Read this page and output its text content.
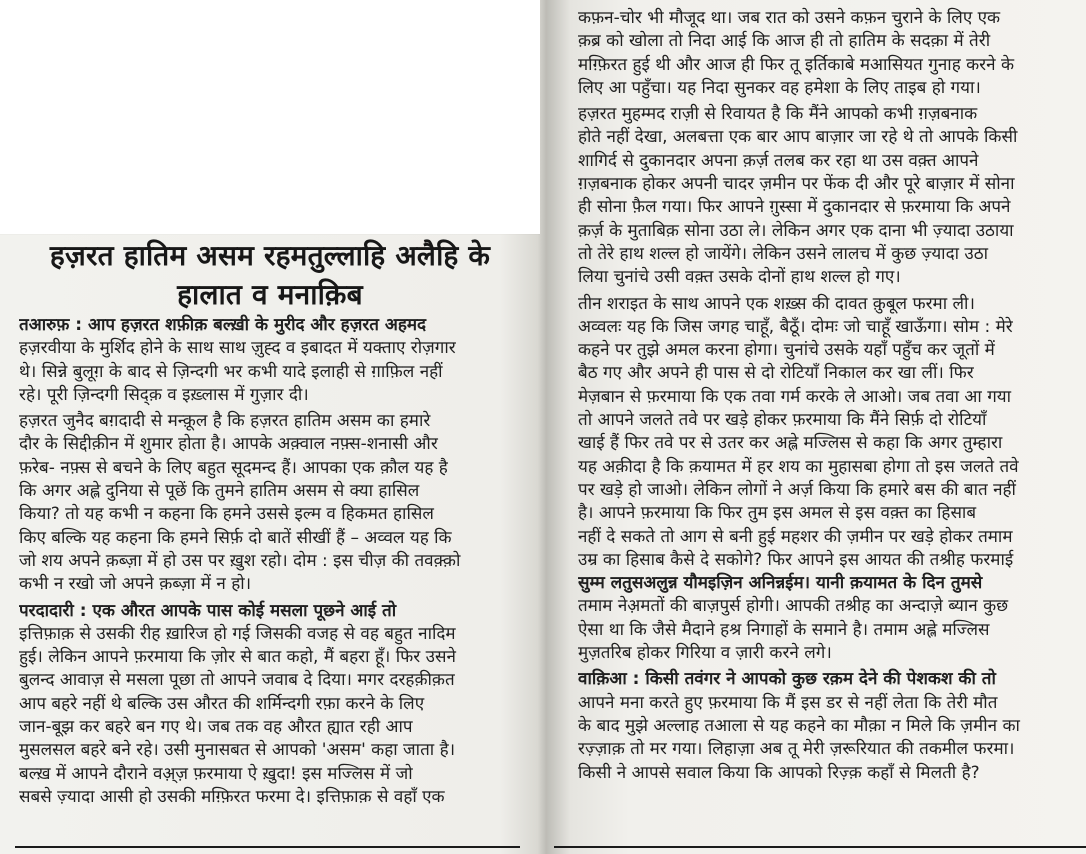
हज़रत हातिम असम रहमतुल्लाहि अलैहि के
हालात व मनाक़िब
तआरुफ़ : आप हज़रत शफ़ीक़ बल्ख़ी के मुरीद और हज़रत अहमद
हज़रवीया के मुर्शिद होने के साथ साथ ज़ुह्द व इबादत में यक्ताए रोज़गार
थे। सिन्ने बुलूग़ के बाद से ज़िन्दगी भर कभी यादे इलाही से ग़ाफ़िल नहीं
रहे। पूरी ज़िन्दगी सिद्क़ व इख़्लास में गुज़ार दी।
हज़रत जुनैद बग़दादी से मन्क़ूल है कि हज़रत हातिम असम का हमारे
दौर के सिद्दीक़ीन में शुमार होता है। आपके अक़्वाल नफ़्स-शनासी और
फ़रेब- नफ़्स से बचने के लिए बहुत सूदमन्द हैं। आपका एक क़ौल यह है
कि अगर अह्ले दुनिया से पूछें कि तुमने हातिम असम से क्या हासिल
किया? तो यह कभी न कहना कि हमने उससे इल्म व हिकमत हासिल
किए बल्कि यह कहना कि हमने सिर्फ़ दो बातें सीखीं हैं – अव्वल यह कि
जो शय अपने क़ब्ज़ा में हो उस पर ख़ुश रहो। दोम : इस चीज़ की तवक़्क़ो
कभी न रखो जो अपने क़ब्ज़ा में न हो।
परदादारी : एक औरत आपके पास कोई मसला पूछने आई तो
इत्तिफ़ाक़ से उसकी रीह ख़ारिज हो गई जिसकी वजह से वह बहुत नादिम
हुई। लेकिन आपने फ़रमाया कि ज़ोर से बात कहो, मैं बहरा हूँ। फिर उसने
बुलन्द आवाज़ से मसला पूछा तो आपने जवाब दे दिया। मगर दरहक़ीक़त
आप बहरे नहीं थे बल्कि उस औरत की शर्मिन्दगी रफ़ा करने के लिए
जान-बूझ कर बहरे बन गए थे। जब तक वह औरत ह्यात रही आप
मुसलसल बहरे बने रहे। उसी मुनासबत से आपको 'असम' कहा जाता है।
बल्ख़ में आपने दौराने वअ़्ज़ फ़रमाया ऐ ख़ुदा! इस मज्लिस में जो
सबसे ज़्यादा आसी हो उसकी मग़्फ़िरत फरमा दे। इत्तिफ़ाक़ से वहाँ एक
कफ़न-चोर भी मौजूद था। जब रात को उसने कफ़न चुराने के लिए एक
क़ब्र को खोला तो निदा आई कि आज ही तो हातिम के सदक़ा में तेरी
मग़्फ़िरत हुई थी और आज ही फिर तू इर्तिकाबे मआसियत गुनाह करने के
लिए आ पहुँचा। यह निदा सुनकर वह हमेशा के लिए ताइब हो गया।
हज़रत मुहम्मद राज़ी से रिवायत है कि मैंने आपको कभी ग़ज़बनाक
होते नहीं देखा, अलबत्ता एक बार आप बाज़ार जा रहे थे तो आपके किसी
शागिर्द से दुकानदार अपना क़र्ज़ तलब कर रहा था उस वक़्त आपने
ग़ज़बनाक होकर अपनी चादर ज़मीन पर फेंक दी और पूरे बाज़ार में सोना
ही सोना फ़ैल गया। फिर आपने ग़ुस्सा में दुकानदार से फ़रमाया कि अपने
क़र्ज़ के मुताबिक़ सोना उठा ले। लेकिन अगर एक दाना भी ज़्यादा उठाया
तो तेरे हाथ शल्ल हो जायेंगे। लेकिन उसने लालच में कुछ ज़्यादा उठा
लिया चुनांचे उसी वक़्त उसके दोनों हाथ शल्ल हो गए।
तीन शराइत के साथ आपने एक शख़्स की दावत क़ुबूल फरमा ली।
अव्वलः यह कि जिस जगह चाहूँ, बैठूँ। दोमः जो चाहूँ खाऊँगा। सोम : मेरे
कहने पर तुझे अमल करना होगा। चुनांचे उसके यहाँ पहुँच कर जूतों में
बैठ गए और अपने ही पास से दो रोटियाँ निकाल कर खा लीं। फिर
मेज़बान से फ़रमाया कि एक तवा गर्म करके ले आओ। जब तवा आ गया
तो आपने जलते तवे पर खड़े होकर फ़रमाया कि मैंने सिर्फ़ दो रोटियाँ
खाई हैं फिर तवे पर से उतर कर अह्ले मज्लिस से कहा कि अगर तुम्हारा
यह अक़ीदा है कि क़यामत में हर शय का मुहासबा होगा तो इस जलते तवे
पर खड़े हो जाओ। लेकिन लोगों ने अर्ज़ किया कि हमारे बस की बात नहीं
है। आपने फ़रमाया कि फिर तुम इस अमल से इस वक़्त का हिसाब
नहीं दे सकते तो आग से बनी हुई महशर की ज़मीन पर खड़े होकर तमाम
उम्र का हिसाब कैसे दे सकोगे? फिर आपने इस आयत की तश्रीह फरमाई
सुम्म लतुसअलुन्न यौमइज़िन अनिन्नईम। यानी क़यामत के दिन तुमसे
तमाम नेअ़मतों की बाज़पुर्स होगी। आपकी तश्रीह का अन्दाज़े ब्यान कुछ
ऐसा था कि जैसे मैदाने हश्र निगाहों के समाने है। तमाम अह्ले मज्लिस
मुज़तरिब होकर गिरिया व ज़ारी करने लगे।
वाक़िआ : किसी तवंगर ने आपको कुछ रक़म देने की पेशकश की तो
आपने मना करते हुए फ़रमाया कि मैं इस डर से नहीं लेता कि तेरी मौत
के बाद मुझे अल्लाह तआला से यह कहने का मौक़ा न मिले कि ज़मीन का
रज़्ज़ाक़ तो मर गया। लिहाज़ा अब तू मेरी ज़रूरियात की तकमील फरमा।
किसी ने आपसे सवाल किया कि आपको रिज़्क़ कहाँ से मिलती है?
